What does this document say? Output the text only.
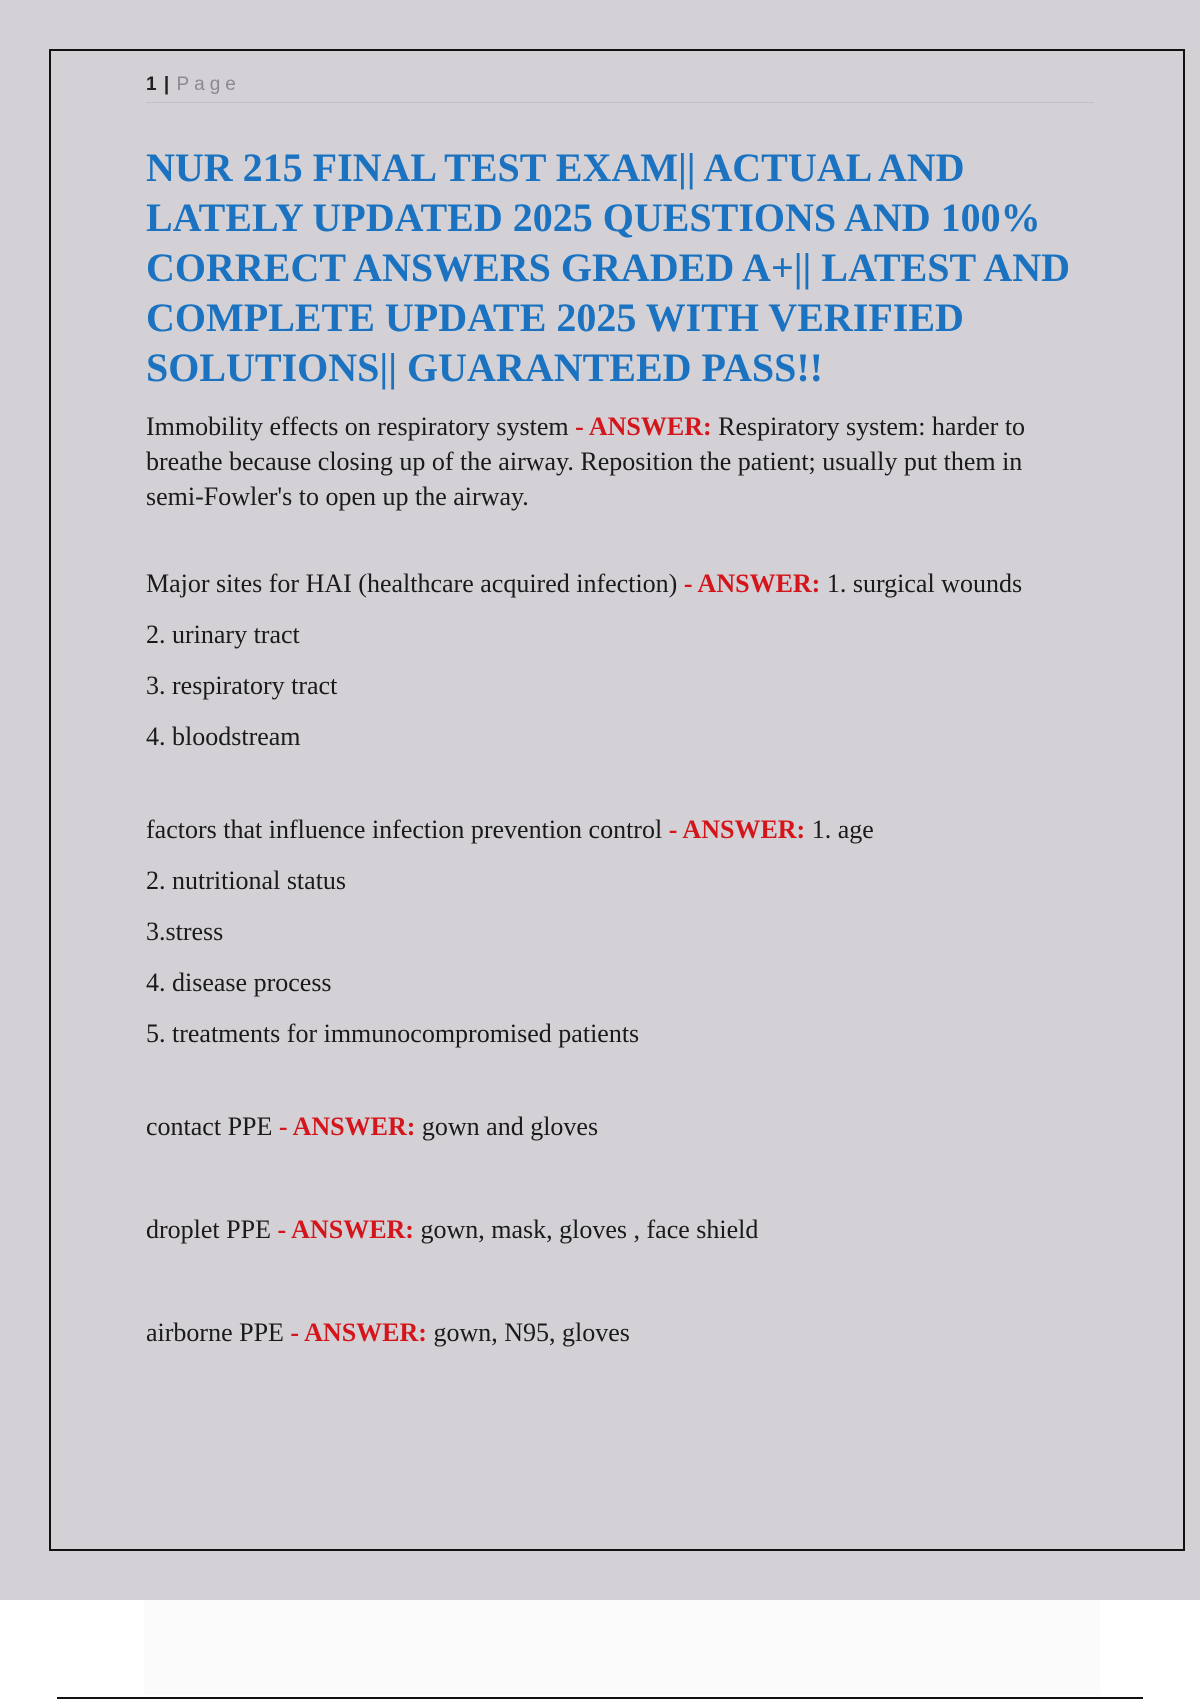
1 | Page
NUR 215 FINAL TEST EXAM|| ACTUAL AND LATELY UPDATED 2025 QUESTIONS AND 100% CORRECT ANSWERS GRADED A+|| LATEST AND COMPLETE UPDATE 2025 WITH VERIFIED SOLUTIONS|| GUARANTEED PASS!!

Immobility effects on respiratory system - ANSWER: Respiratory system: harder to breathe because closing up of the airway. Reposition the patient; usually put them in semi-Fowler's to open up the airway.

Major sites for HAI (healthcare acquired infection) - ANSWER: 1. surgical wounds

2. urinary tract
3. respiratory tract
4. bloodstream

factors that influence infection prevention control - ANSWER: 1. age

2. nutritional status
3.stress
4. disease process
5. treatments for immunocompromised patients

contact PPE - ANSWER: gown and gloves

droplet PPE - ANSWER: gown, mask, gloves , face shield

airborne PPE - ANSWER: gown, N95, gloves
